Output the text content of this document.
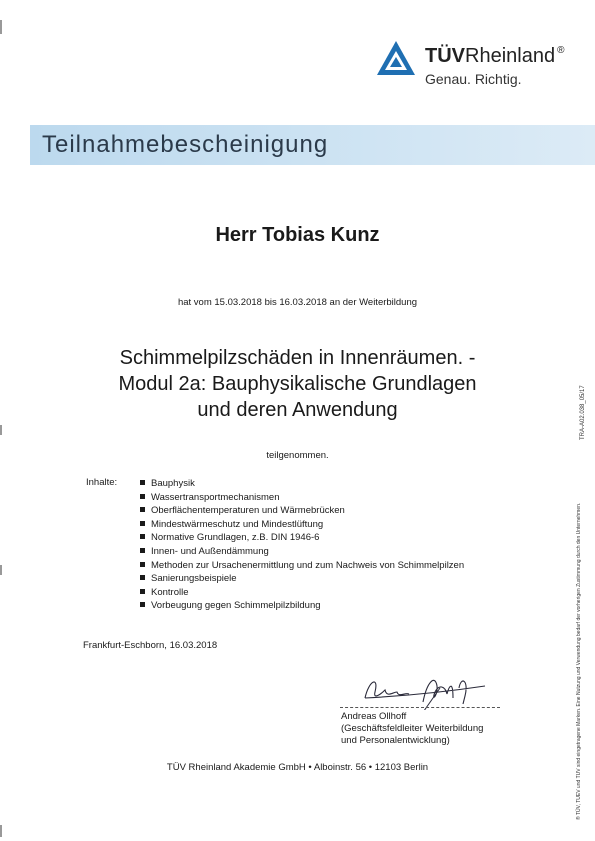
TÜVRheinland ®
Genau. Richtig.
Teilnahmebescheinigung
Herr Tobias Kunz
hat vom 15.03.2018 bis 16.03.2018 an der Weiterbildung
Schimmelpilzschäden in Innenräumen. -
Modul 2a: Bauphysikalische Grundlagen
und deren Anwendung
teilgenommen.
Inhalte:	Bauphysik
Wassertransportmechanismen
Oberflächentemperaturen und Wärmebrücken
Mindestwärmeschutz und Mindestlüftung
Normative Grundlagen, z.B. DIN 1946-6
Innen- und Außendämmung
Methoden zur Ursachenermittlung und zum Nachweis von Schimmelpilzen
Sanierungsbeispiele
Kontrolle
Vorbeugung gegen Schimmelpilzbildung
Frankfurt-Eschborn, 16.03.2018
Andreas Ollhoff
(Geschäftsfeldleiter Weiterbildung
und Personalentwicklung)
TÜV Rheinland Akademie GmbH • Alboinstr. 56 • 12103 Berlin
TRA-A02.038_05/17
® TÜV, TUEV und TUV sind eingetragene Marken. Eine Nutzung und Verwendung bedarf der vorherigen Zustimmung durch den Unternehmen.
